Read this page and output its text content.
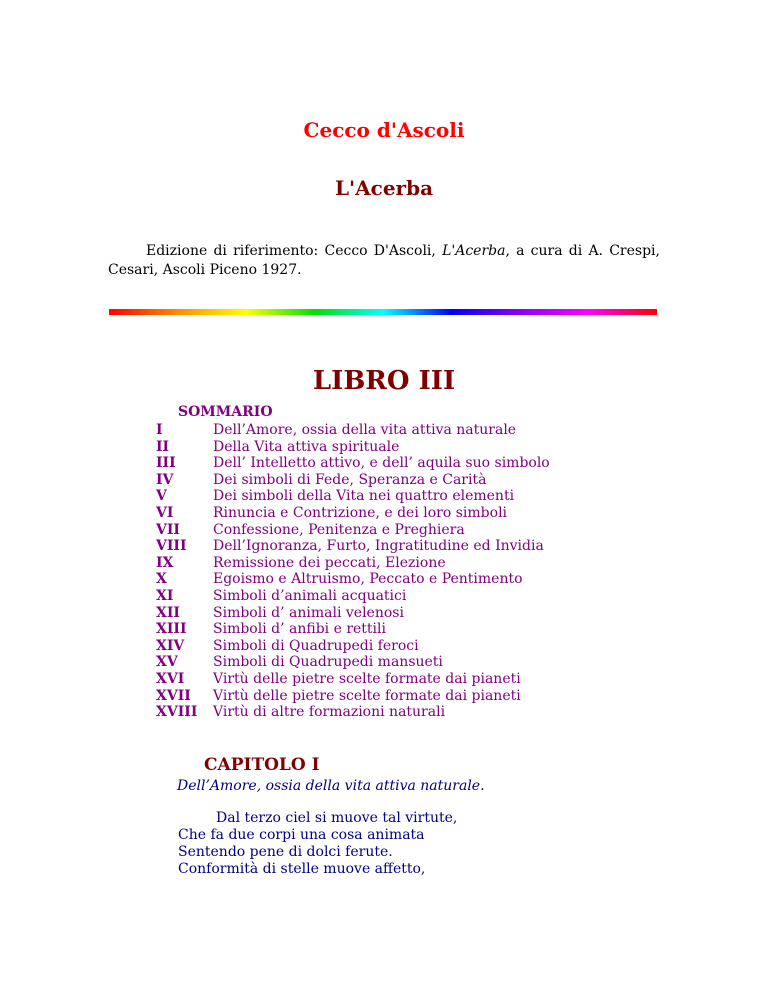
Cecco d'Ascoli
L'Acerba

Edizione di riferimento: Cecco D'Ascoli, L'Acerba, a cura di A. Crespi, Cesari, Ascoli Piceno 1927.

LIBRO III
SOMMARIO
I	Dell’Amore, ossia della vita attiva naturale
II	Della Vita attiva spirituale
III	Dell’ Intelletto attivo, e dell’ aquila suo simbolo
IV	Dei simboli di Fede, Speranza e Carità
V	Dei simboli della Vita nei quattro elementi
VI	Rinuncia e Contrizione, e dei loro simboli
VII	Confessione, Penitenza e Preghiera
VIII	Dell’Ignoranza, Furto, Ingratitudine ed Invidia
IX	Remissione dei peccati, Elezione
X	Egoismo e Altruismo, Peccato e Pentimento
XI	Simboli d’animali acquatici
XII	Simboli d’ animali velenosi
XIII	Simboli d’ anfibi e rettili
XIV	Simboli di Quadrupedi feroci
XV	Simboli di Quadrupedi mansueti
XVI	Virtù delle pietre scelte formate dai pianeti
XVII	Virtù delle pietre scelte formate dai pianeti
XVIII	Virtù di altre formazioni naturali
CAPITOLO I
Dell’Amore, ossia della vita attiva naturale.
Dal terzo ciel si muove tal virtute,
Che fa due corpi una cosa animata
Sentendo pene di dolci ferute.
Conformità di stelle muove affetto,
